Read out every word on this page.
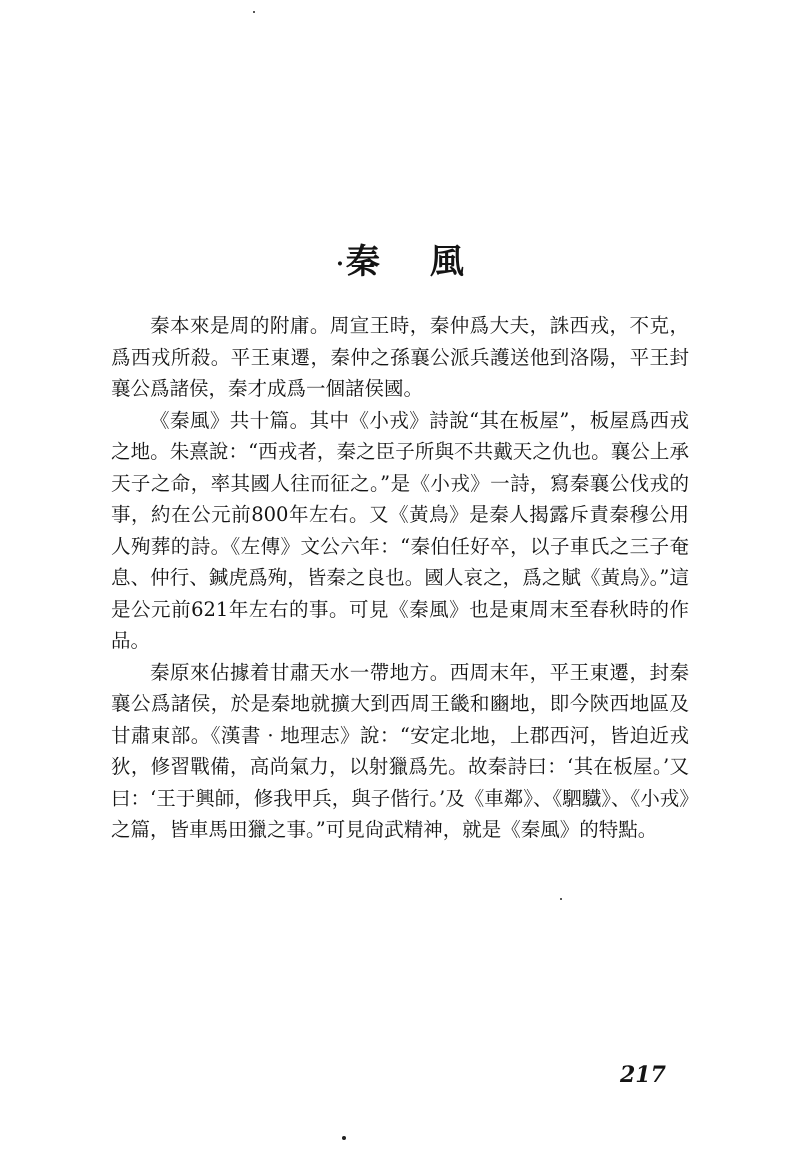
·秦風

秦本來是周的附庸。周宣王時，秦仲爲大夫，誅西戎，不克，爲西戎所殺。平王東遷，秦仲之孫襄公派兵護送他到洛陽，平王封襄公爲諸侯，秦才成爲一個諸侯國。

《秦風》共十篇。其中《小戎》詩說“其在板屋”，板屋爲西戎之地。朱熹說：“西戎者，秦之臣子所與不共戴天之仇也。襄公上承天子之命，率其國人往而征之。”是《小戎》一詩，寫秦襄公伐戎的事，約在公元前800年左右。又《黃鳥》是秦人揭露斥責秦穆公用人殉葬的詩。《左傳》文公六年：“秦伯任好卒，以子車氏之三子奄息、仲行、鍼虎爲殉，皆秦之良也。國人哀之，爲之賦《黃鳥》。”這是公元前621年左右的事。可見《秦風》也是東周末至春秋時的作品。

秦原來佔據着甘肅天水一帶地方。西周末年，平王東遷，封秦襄公爲諸侯，於是秦地就擴大到西周王畿和豳地，即今陝西地區及甘肅東部。《漢書 · 地理志》說：“安定北地，上郡西河，皆迫近戎狄，修習戰備，高尚氣力，以射獵爲先。故秦詩曰：‘其在板屋。’又曰：‘王于興師，修我甲兵，與子偕行。’及《車鄰》、《駟驖》、《小戎》之篇，皆車馬田獵之事。”可見尙武精神，就是《秦風》的特點。

217
